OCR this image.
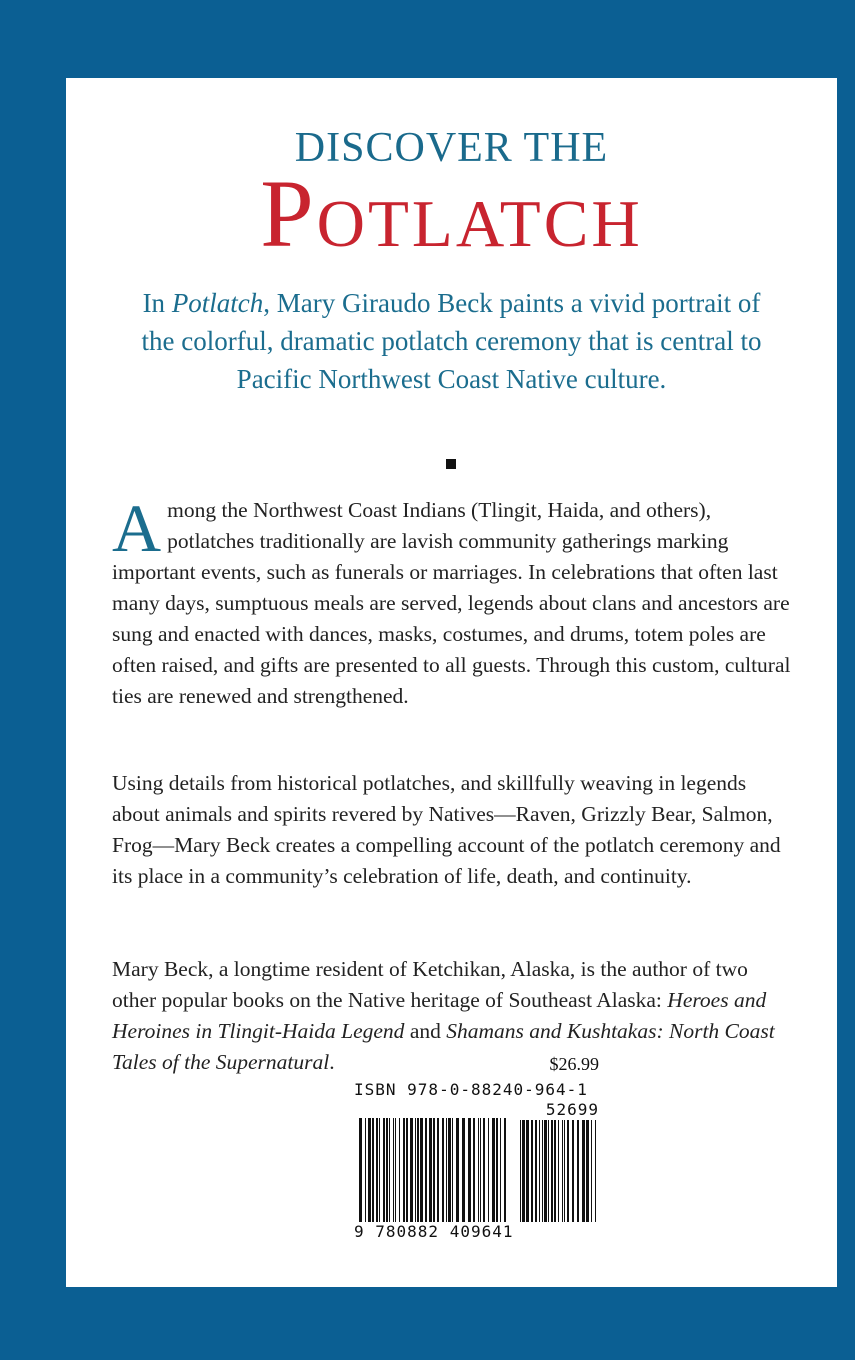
DISCOVER THE
Potlatch
In Potlatch, Mary Giraudo Beck paints a vivid portrait of the colorful, dramatic potlatch ceremony that is central to Pacific Northwest Coast Native culture.
Among the Northwest Coast Indians (Tlingit, Haida, and others), potlatches traditionally are lavish community gatherings marking important events, such as funerals or marriages. In celebrations that often last many days, sumptuous meals are served, legends about clans and ancestors are sung and enacted with dances, masks, costumes, and drums, totem poles are often raised, and gifts are presented to all guests. Through this custom, cultural ties are renewed and strengthened.
Using details from historical potlatches, and skillfully weaving in legends about animals and spirits revered by Natives—Raven, Grizzly Bear, Salmon, Frog—Mary Beck creates a compelling account of the potlatch ceremony and its place in a community’s celebration of life, death, and continuity.
Mary Beck, a longtime resident of Ketchikan, Alaska, is the author of two other popular books on the Native heritage of Southeast Alaska: Heroes and Heroines in Tlingit-Haida Legend and Shamans and Kushtakas: North Coast Tales of the Supernatural.	$26.99
ISBN 978-0-88240-964-1
52699
9 780882 409641
